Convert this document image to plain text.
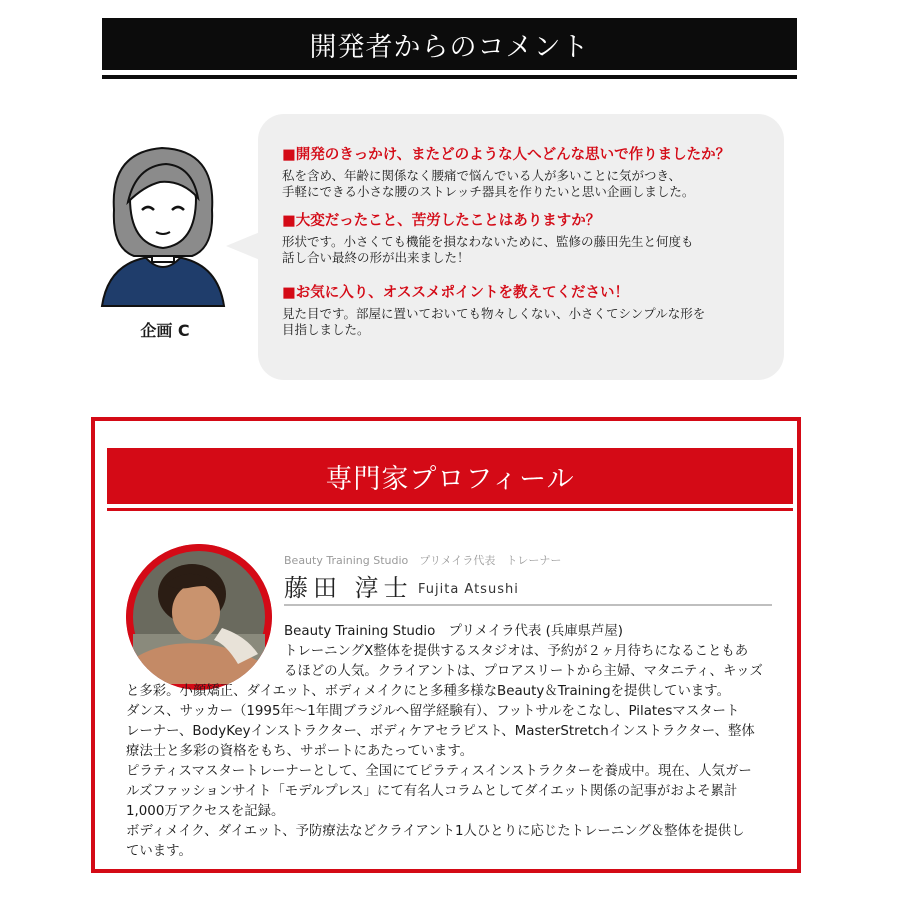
開発者からのコメント
企画 C
■開発のきっかけ、またどのような人へどんな思いで作りましたか？
私を含め、年齢に関係なく腰痛で悩んでいる人が多いことに気がつき、
手軽にできる小さな腰のストレッチ器具を作りたいと思い企画しました。
■大変だったこと、苦労したことはありますか？
形状です。小さくても機能を損なわないために、監修の藤田先生と何度も
話し合い最終の形が出来ました！
■お気に入り、オススメポイントを教えてください！
見た目です。部屋に置いておいても物々しくない、小さくてシンプルな形を
目指しました。
専門家プロフィール
Beauty Training Studio　プリメイラ代表　トレーナー
藤田 淳士 Fujita Atsushi
Beauty Training Studio　プリメイラ代表 (兵庫県芦屋)
トレーニングX整体を提供するスタジオは、予約が２ヶ月待ちになることもあ
るほどの人気。クライアントは、プロアスリートから主婦、マタニティ、キッズ
と多彩。小顔矯正、ダイエット、ボディメイクにと多種多様なBeauty＆Trainingを提供しています。
ダンス、サッカー（1995年～1年間ブラジルへ留学経験有）、フットサルをこなし、Pilatesマスタート
レーナー、BodyKeyインストラクター、ボディケアセラピスト、MasterStretchインストラクター、整体
療法士と多彩の資格をもち、サポートにあたっています。
ピラティスマスタートレーナーとして、全国にてピラティスインストラクターを養成中。現在、人気ガー
ルズファッションサイト「モデルプレス」にて有名人コラムとしてダイエット関係の記事がおよそ累計
1,000万アクセスを記録。
ボディメイク、ダイエット、予防療法などクライアント1人ひとりに応じたトレーニング＆整体を提供し
ています。
